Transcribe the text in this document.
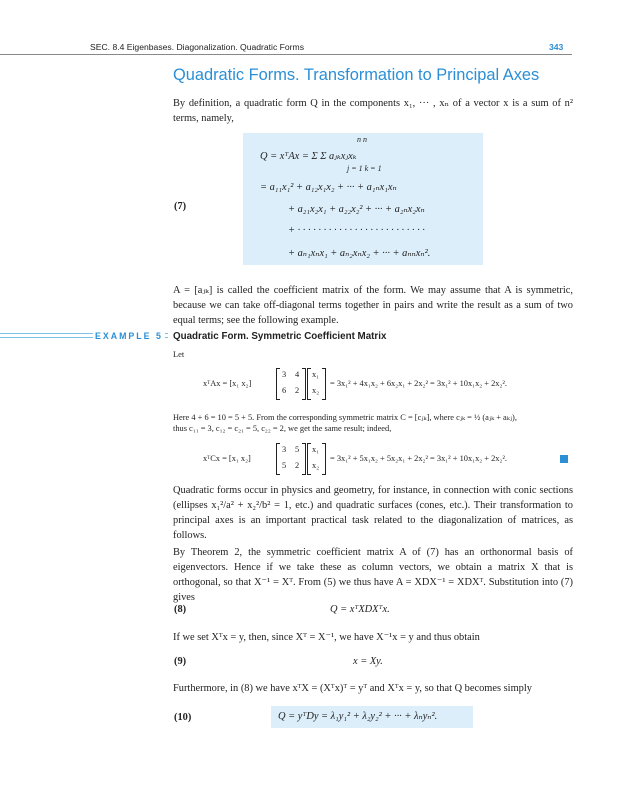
SEC. 8.4 Eigenbases. Diagonalization. Quadratic Forms	343
Quadratic Forms. Transformation to Principal Axes
By definition, a quadratic form Q in the components x₁, ··· , xₙ of a vector x is a sum of n² terms, namely,
n n
Q = xᵀAx = Σ Σ aⱼₖxⱼxₖ
j = 1 k = 1
= a₁₁x₁² + a₁₂x₁x₂ + ··· + a₁ₙx₁xₙ
(7)	+ a₂₁x₂x₁ + a₂₂x₂² + ··· + a₂ₙx₂xₙ
+ · · · · · · · · · · · · · · · · · · · · · · · · ·
+ aₙ₁xₙx₁ + aₙ₂xₙx₂ + ··· + aₙₙxₙ².
A = [aⱼₖ] is called the coefficient matrix of the form. We may assume that A is symmetric, because we can take off-diagonal terms together in pairs and write the result as a sum of two equal terms; see the following example.
EXAMPLE 5 Quadratic Form. Symmetric Coefficient Matrix
Let
xᵀAx = [x₁ x₂]
3 4
6 2
x₁
x₂
= 3x₁² + 4x₁x₂ + 6x₂x₁ + 2x₂² = 3x₁² + 10x₁x₂ + 2x₂².
Here 4 + 6 = 10 = 5 + 5. From the corresponding symmetric matrix C = [cⱼₖ], where cⱼₖ = ½ (aⱼₖ + aₖⱼ),
thus c₁₁ = 3, c₁₂ = c₂₁ = 5, c₂₂ = 2, we get the same result; indeed,
xᵀCx = [x₁ x₂]
3 5
5 2
x₁
x₂
= 3x₁² + 5x₁x₂ + 5x₂x₁ + 2x₂² = 3x₁² + 10x₁x₂ + 2x₂².
Quadratic forms occur in physics and geometry, for instance, in connection with conic sections (ellipses x₁²/a² + x₂²/b² = 1, etc.) and quadratic surfaces (cones, etc.). Their transformation to principal axes is an important practical task related to the diagonalization of matrices, as follows.
By Theorem 2, the symmetric coefficient matrix A of (7) has an orthonormal basis of eigenvectors. Hence if we take these as column vectors, we obtain a matrix X that is orthogonal, so that X⁻¹ = Xᵀ. From (5) we thus have A = XDX⁻¹ = XDXᵀ. Substitution into (7) gives
(8)	Q = xᵀXDXᵀx.
If we set Xᵀx = y, then, since Xᵀ = X⁻¹, we have X⁻¹x = y and thus obtain
(9)	x = Xy.
Furthermore, in (8) we have xᵀX = (Xᵀx)ᵀ = yᵀ and Xᵀx = y, so that Q becomes simply
(10)	Q = yᵀDy = λ₁y₁² + λ₂y₂² + ··· + λₙyₙ².
